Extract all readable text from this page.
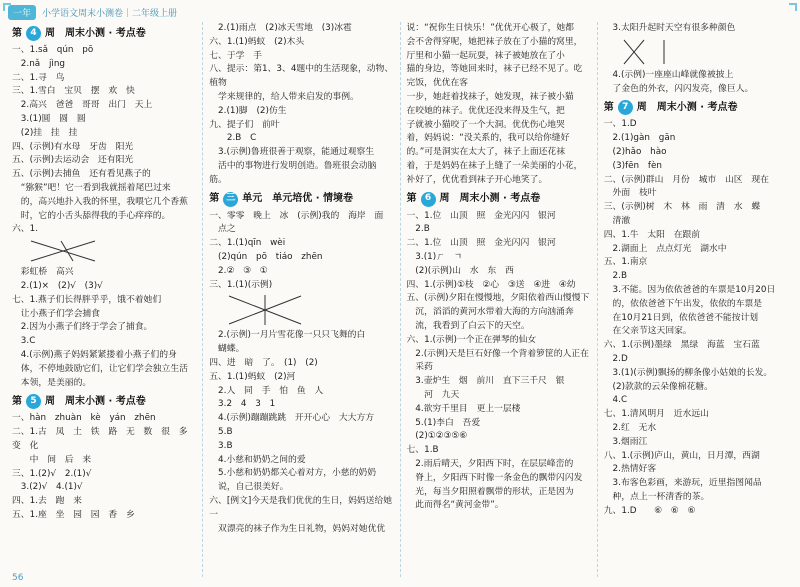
一年	小学语文周末小测卷｜二年级上册
第 4 周　周末小测 · 考点卷
一、1.sǎ　qún　pō
　2.nǎ　jìng
二、1.寻　鸟
三、1.雪白　宝贝　摆　欢　快
　2.高兴　爸爸　哥哥　出门　天上
　3.(1)圆　圆　圆
　(2)挂　挂　挂
四、(示例)有水母　牙齿　阳光
五、(示例)去运动会　还有阳光
五、(示例)去捕鱼　还有看见燕子的
　“猕猴”吧！它一看到我就摇着尾巴过来
　的，高兴地扑入我的怀里，我喂它几个香蕉
　时，它的小舌头舔得我的手心痒痒的。
六、1.
　彩虹桥　高兴
　2.(1)×　(2)√　(3)√
七、1.燕子们长得胖乎乎，饿不着她们
　让小燕子们学会捕食
　2.因为小燕子们终于学会了捕食。
　3.C
　4.(示例)燕子妈妈紧紧搂着小燕子们的身
　体，不停地鼓励它们，让它们学会独立生活
　本领，是美丽的。
第 5 周　周末小测 · 考点卷
一、hàn　zhuàn　kè　yán　zhēn
二、1.古　凤　土　铁　路　无　数　很　多　变　化
　　中　间　后　来
三、1.(2)√　2.(1)√
　3.(2)√　4.(1)√
四、1.去　跑　来
五、1.座　坐　园　园　香　乡
　2.(1)雨点　(2)冰天雪地　(3)冰雹
六、1.(1)蚂蚁　(2)木头
七、于学　手
八、提示：第1、3、4题中的生活现象，动物、植物
　学来规律的，给人带来启发的事例。
　2.(1)脚　(2)仿生
九、提子们　前叶
　　2.B　C
　3.(示例)鲁班很善于观察，能通过观察生
　活中的事物进行发明创造。鲁班很会动脑筋。
第 三 单元　单元培优 · 情境卷
一、零零　晚上　冰　(示例)我的　海岸　面
　点之
二、1.(1)qīn　wèi
　(2)qún　pō　tiáo　zhēn
　2.②　③　①
三、1.(1)(示例)
　2.(示例)一月片雪花像一只只飞舞的白
　蝴蝶。
四、进　暗　了。　(1)　(2)
五、1.(1)蚂蚁　(2)河
　2.人　同　手　怕　鱼　人
　3.2　4　3　1
　4.(示例)蹦蹦跳跳　开开心心　大大方方
　5.B
　3.B
　4.小慈和奶奶之间的爱
　5.小慈和奶奶都关心着对方，小慈的奶奶
　说，自己很美好。
六、[例文]今天是我们优优的生日，妈妈送给她一
　双漂亮的袜子作为生日礼物，妈妈对她优优
说：“祝你生日快乐！”优优开心极了，她都
会不舍得穿呢，她把袜子放在了小猫的窝里，
厅里和小猫一起玩耍，袜子被她放在了小
猫的身边，等她回来时，袜子已经不见了。吃完饭，优优在客
一步，她赶着找袜子，她发现，袜子被小猫
在咬她的袜子。优优还没来得及生气，把
子就被小猫咬了一个大洞。优优伤心地哭
着，妈妈说：“没关系的，我可以给你缝好
的。”可是洞实在太大了，袜子上面还花袜
着，于是妈妈在袜子上缝了一朵美丽的小花，
补好了，优优看到袜子开心地笑了。
第 6 周　周末小测 · 考点卷
一、1.位　山顶　照　金光闪闪　银河
　2.B
二、1.位　山顶　照　金光闪闪　银河
　3.(1)ㄏ　ㄱ
　(2)(示例)山　水　东　西
四、1.(示例)①枝　②心　③送　④进　④幼
五、(示例)夕阳在慢慢地，夕阳依着西山慢慢下
　沉，滔滔的黄河水带着大海的方向汹涌奔
　流，我看到了白云下的天空。
六、1.(示例)一个正在弹琴的仙女
　2.(示例)天是巨石好像一个背着箩筐的人正在
　采药
　3.壶炉生　烟　前川　直下三千尺　银
　　河　九天
　4.欲穷千里目　更上一层楼
　5.(1)李白　吾爱
　(2)①②③⑤⑥
七、1.B
　2.雨后晴天，夕阳西下时，在层层峰峦的
　脊上，夕阳西下时像一条金色的飘带闪闪发
　光，每当夕阳照着飘带的形状，正是因为
　此而得名“黄河金带”。
　3.太阳升起时天空有很多种颜色
　4.(示例)一座座山峰就像被披上
　了金色的外衣，闪闪发亮，像巨人。
第 7 周　周末小测 · 考点卷
一、1.D
　2.(1)gàn　gān
　(2)hǎo　hào
　(3)fēn　fèn
二、(示例)群山　月份　城市　山区　现在
　外面　枝叶
三、(示例)树　木　林　雨　清　水　蝶
　清澈
四、1.牛　太阳　在跟前
　2.湖面上　点点灯光　湖水中
五、1.南京
　2.B
　3.不能。因为依依爸爸的车票是10月20日
　的，依依爸爸下午出发，依依的车票是
　在10月21日到，依依爸爸不能按计划
　在父亲节这天回家。
六、1.(示例)墨绿　黑绿　海蓝　宝石蓝
　2.D
　3.(1)(示例)飘扬的柳条像小姑娘的长发。
　(2)款款的云朵像棉花糖。
　4.C
七、1.清风明月　近水远山
　2.红　无水
　3.烟雨江
八、1.(示例)庐山，黄山，日月潭，西湖
　2.热情好客
　3.布客色彩画，来游玩，近里指图闻品
　种，点上一杯清香的茶。
九、1.D　　⑥　⑥　⑥
56
